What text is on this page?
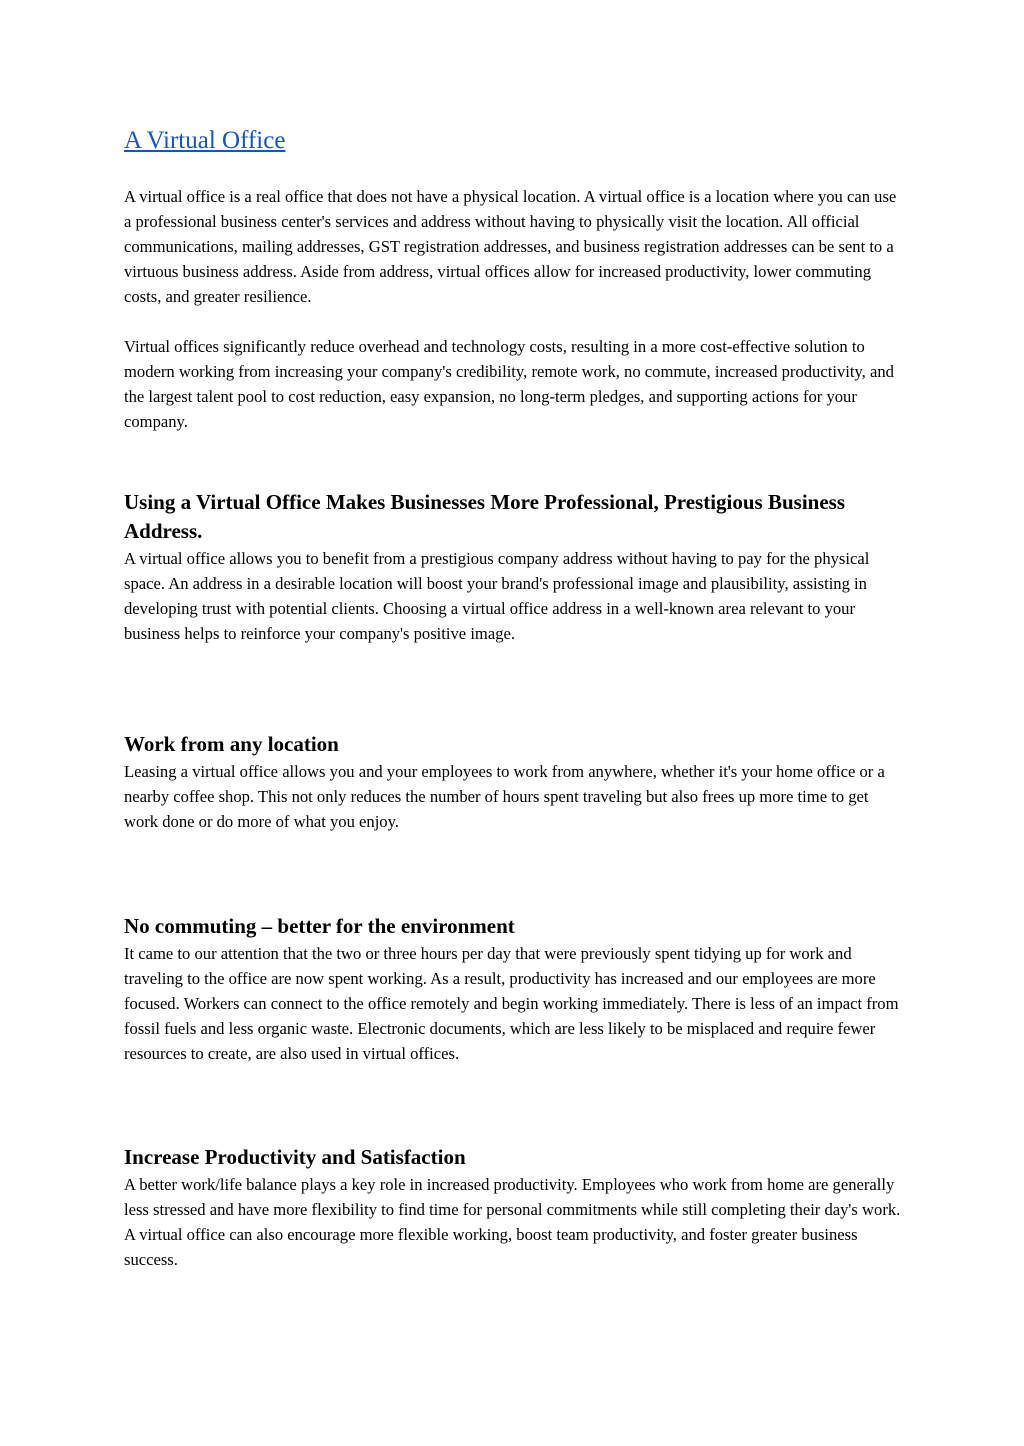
A Virtual Office

A virtual office is a real office that does not have a physical location. A virtual office is a location where you can use a professional business center's services and address without having to physically visit the location. All official communications, mailing addresses, GST registration addresses, and business registration addresses can be sent to a virtuous business address. Aside from address, virtual offices allow for increased productivity, lower commuting costs, and greater resilience.

Virtual offices significantly reduce overhead and technology costs, resulting in a more cost-effective solution to modern working from increasing your company's credibility, remote work, no commute, increased productivity, and the largest talent pool to cost reduction, easy expansion, no long-term pledges, and supporting actions for your company.

Using a Virtual Office Makes Businesses More Professional, Prestigious Business Address.

A virtual office allows you to benefit from a prestigious company address without having to pay for the physical space. An address in a desirable location will boost your brand's professional image and plausibility, assisting in developing trust with potential clients. Choosing a virtual office address in a well-known area relevant to your business helps to reinforce your company's positive image.

Work from any location

Leasing a virtual office allows you and your employees to work from anywhere, whether it's your home office or a nearby coffee shop. This not only reduces the number of hours spent traveling but also frees up more time to get work done or do more of what you enjoy.

No commuting – better for the environment

It came to our attention that the two or three hours per day that were previously spent tidying up for work and traveling to the office are now spent working. As a result, productivity has increased and our employees are more focused. Workers can connect to the office remotely and begin working immediately. There is less of an impact from fossil fuels and less organic waste. Electronic documents, which are less likely to be misplaced and require fewer resources to create, are also used in virtual offices.

Increase Productivity and Satisfaction

A better work/life balance plays a key role in increased productivity. Employees who work from home are generally less stressed and have more flexibility to find time for personal commitments while still completing their day's work. A virtual office can also encourage more flexible working, boost team productivity, and foster greater business success.
